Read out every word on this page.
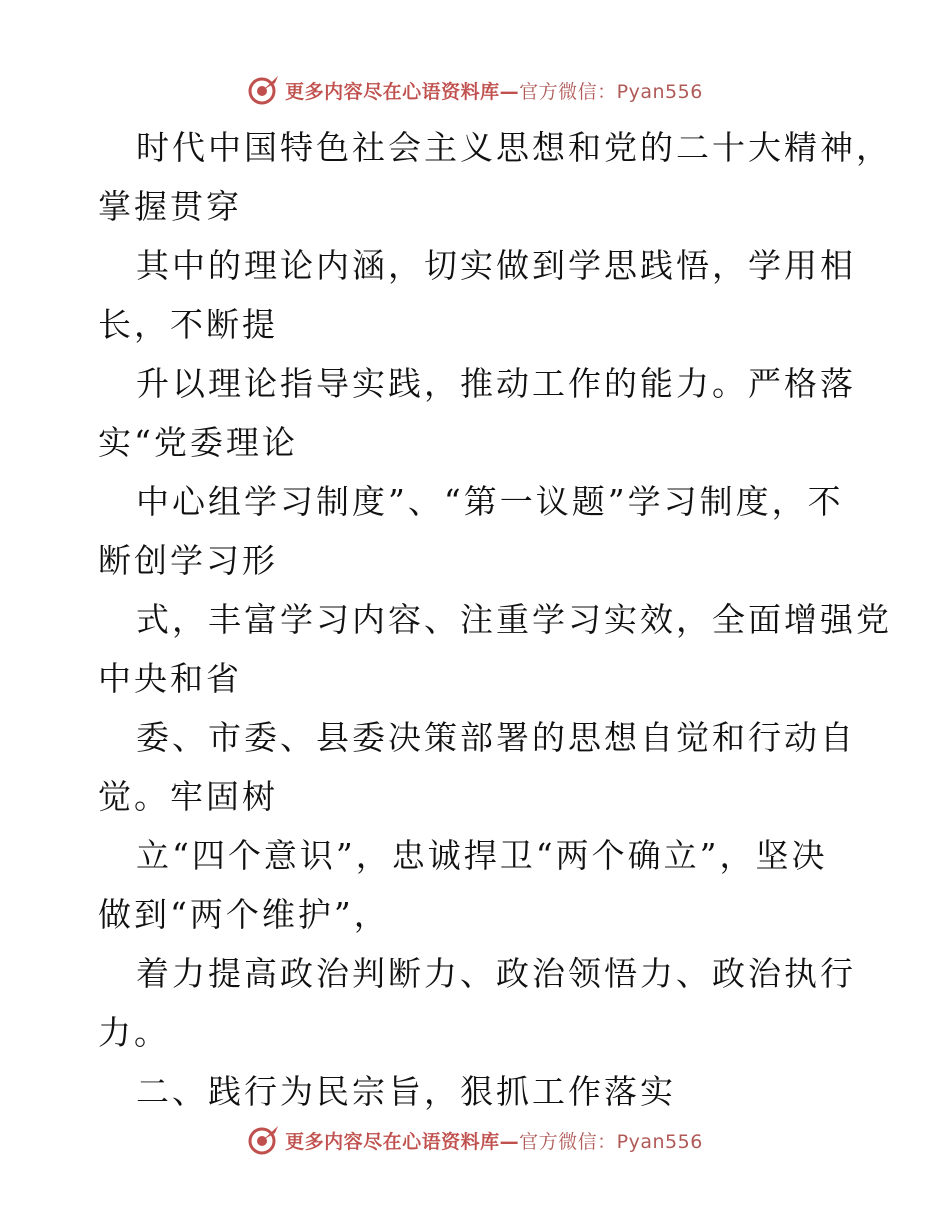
更多内容尽在心语资料库—官方微信：Pyan556
时代中国特色社会主义思想和党的二十大精神，
掌握贯穿
其中的理论内涵，切实做到学思践悟，学用相
长，不断提
升以理论指导实践，推动工作的能力。严格落
实“党委理论
中心组学习制度”、“第一议题”学习制度，不
断创学习形
式，丰富学习内容、注重学习实效，全面增强党
中央和省
委、市委、县委决策部署的思想自觉和行动自
觉。牢固树
立“四个意识”，忠诚捍卫“两个确立”，坚决
做到“两个维护”，
着力提高政治判断力、政治领悟力、政治执行
力。
二、践行为民宗旨，狠抓工作落实
更多内容尽在心语资料库—官方微信：Pyan556
